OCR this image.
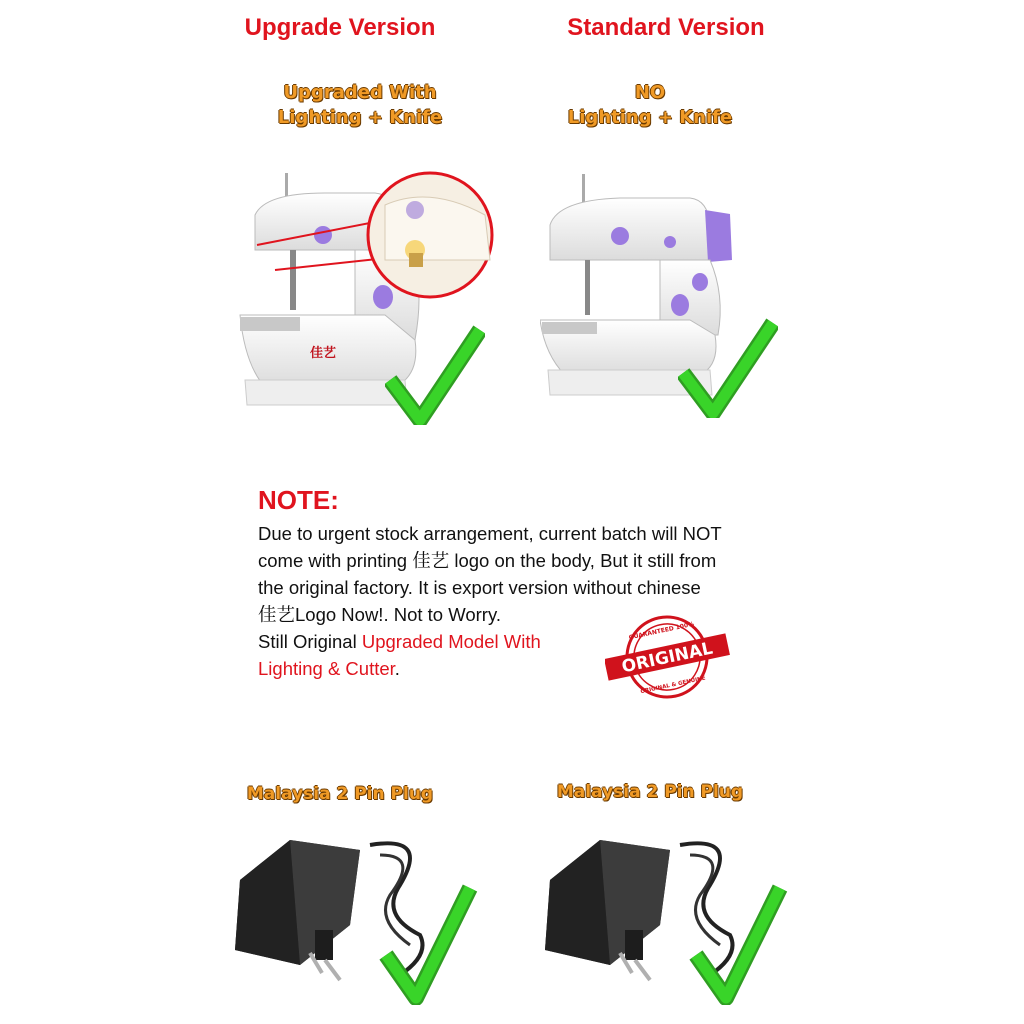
Upgrade Version	Standard Version
Upgraded With
Lighting + Knife
NO
Lighting + Knife
佳艺
NOTE:
Due to urgent stock arrangement, current batch will NOT
come with printing 佳艺 logo on the body, But it still from
the original factory. It is export version without chinese
佳艺Logo Now!. Not to Worry.
Still Original Upgraded Model With
Lighting & Cutter.
GUARANTEED 100%
ORIGINAL
ORIGINAL & GENUINE
Malaysia 2 Pin Plug	Malaysia 2 Pin Plug
